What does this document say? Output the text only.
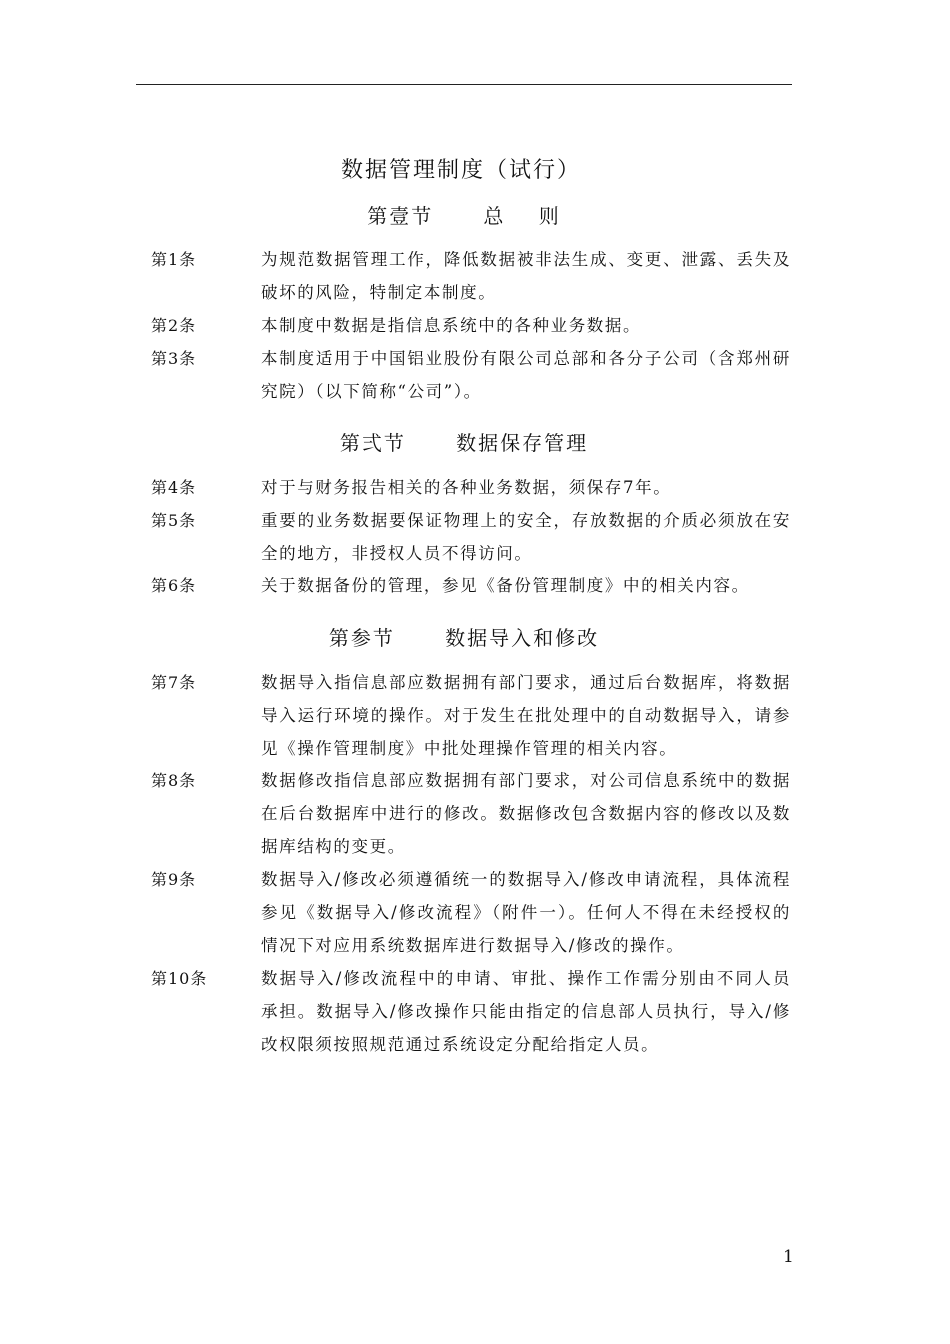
数据管理制度（试行）
第壹节      总    则
第1条	为规范数据管理工作，降低数据被非法生成、变更、泄露、丢失及破坏的风险，特制定本制度。
第2条	本制度中数据是指信息系统中的各种业务数据。
第3条	本制度适用于中国铝业股份有限公司总部和各分子公司（含郑州研究院）（以下简称“公司”）。
第弍节      数据保存管理
第4条	对于与财务报告相关的各种业务数据，须保存7年。
第5条	重要的业务数据要保证物理上的安全，存放数据的介质必须放在安全的地方，非授权人员不得访问。
第6条	关于数据备份的管理，参见《备份管理制度》中的相关内容。
第参节      数据导入和修改
第7条	数据导入指信息部应数据拥有部门要求，通过后台数据库，将数据导入运行环境的操作。对于发生在批处理中的自动数据导入，请参见《操作管理制度》中批处理操作管理的相关内容。
第8条	数据修改指信息部应数据拥有部门要求，对公司信息系统中的数据在后台数据库中进行的修改。数据修改包含数据内容的修改以及数据库结构的变更。
第9条	数据导入/修改必须遵循统一的数据导入/修改申请流程，具体流程参见《数据导入/修改流程》（附件一）。任何人不得在未经授权的情况下对应用系统数据库进行数据导入/修改的操作。
第10条	数据导入/修改流程中的申请、审批、操作工作需分别由不同人员承担。数据导入/修改操作只能由指定的信息部人员执行，导入/修改权限须按照规范通过系统设定分配给指定人员。
1
